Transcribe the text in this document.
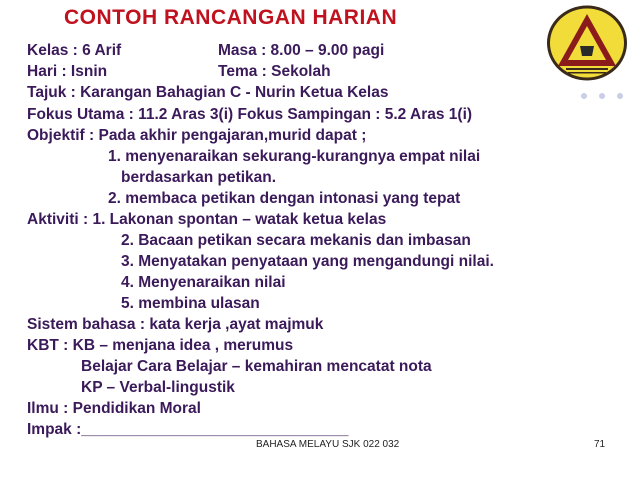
CONTOH RANCANGAN HARIAN
Kelas : 6 Arif	Masa : 8.00 – 9.00 pagi
Hari : Isnin	Tema : Sekolah
Tajuk : Karangan Bahagian C - Nurin Ketua Kelas
Fokus Utama : 11.2 Aras 3(i) Fokus Sampingan : 5.2 Aras 1(i)
Objektif : Pada akhir pengajaran,murid dapat ;
1. menyenaraikan sekurang-kurangnya empat nilai
berdasarkan petikan.
2. membaca petikan dengan intonasi yang tepat
Aktiviti : 1. Lakonan spontan – watak ketua kelas
2. Bacaan petikan secara mekanis dan imbasan
3. Menyatakan penyataan yang mengandungi nilai.
4. Menyenaraikan nilai
5. membina ulasan
Sistem bahasa : kata kerja ,ayat majmuk
KBT : KB – menjana idea , merumus
Belajar Cara Belajar – kemahiran mencatat nota
KP – Verbal-lingustik
Ilmu : Pendidikan Moral
Impak :_______________________________
BAHASA MELAYU SJK 022 032	71
